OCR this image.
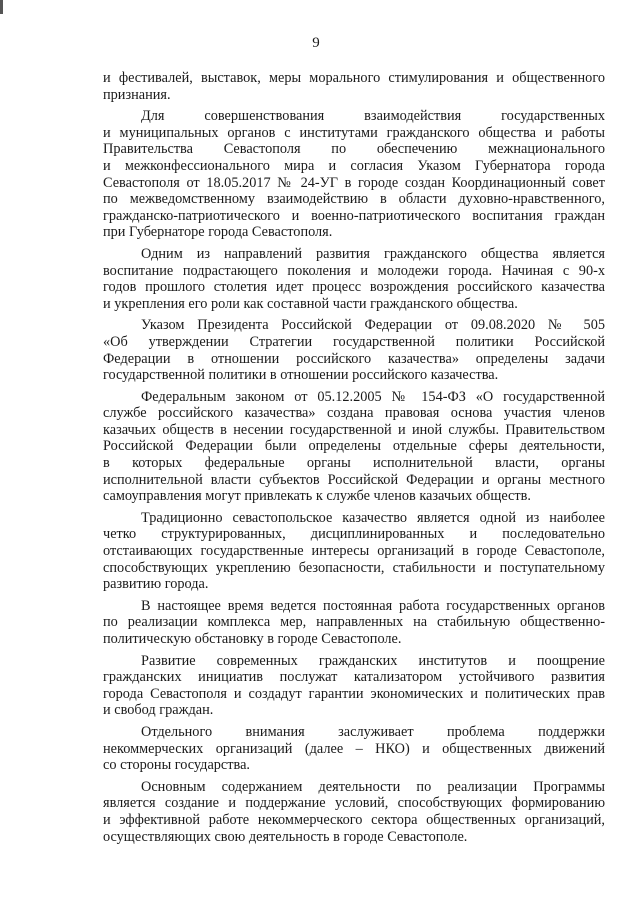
9
и фестивалей, выставок, меры морального стимулирования и общественного
признания.
Для совершенствования взаимодействия государственных
и муниципальных органов с институтами гражданского общества и работы
Правительства Севастополя по обеспечению межнационального
и межконфессионального мира и согласия Указом Губернатора города
Севастополя от 18.05.2017 № 24-УГ в городе создан Координационный совет
по межведомственному взаимодействию в области духовно-нравственного,
гражданско-патриотического и военно-патриотического воспитания граждан
при Губернаторе города Севастополя.
Одним из направлений развития гражданского общества является
воспитание подрастающего поколения и молодежи города. Начиная с 90-х
годов прошлого столетия идет процесс возрождения российского казачества
и укрепления его роли как составной части гражданского общества.
Указом Президента Российской Федерации от 09.08.2020 № 505
«Об утверждении Стратегии государственной политики Российской
Федерации в отношении российского казачества» определены задачи
государственной политики в отношении российского казачества.
Федеральным законом от 05.12.2005 № 154-ФЗ «О государственной
службе российского казачества» создана правовая основа участия членов
казачьих обществ в несении государственной и иной службы. Правительством
Российской Федерации были определены отдельные сферы деятельности,
в которых федеральные органы исполнительной власти, органы
исполнительной власти субъектов Российской Федерации и органы местного
самоуправления могут привлекать к службе членов казачьих обществ.
Традиционно севастопольское казачество является одной из наиболее
четко структурированных, дисциплинированных и последовательно
отстаивающих государственные интересы организаций в городе Севастополе,
способствующих укреплению безопасности, стабильности и поступательному
развитию города.
В настоящее время ведется постоянная работа государственных органов
по реализации комплекса мер, направленных на стабильную общественно-
политическую обстановку в городе Севастополе.
Развитие современных гражданских институтов и поощрение
гражданских инициатив послужат катализатором устойчивого развития
города Севастополя и создадут гарантии экономических и политических прав
и свобод граждан.
Отдельного внимания заслуживает проблема поддержки
некоммерческих организаций (далее – НКО) и общественных движений
со стороны государства.
Основным содержанием деятельности по реализации Программы
является создание и поддержание условий, способствующих формированию
и эффективной работе некоммерческого сектора общественных организаций,
осуществляющих свою деятельность в городе Севастополе.
